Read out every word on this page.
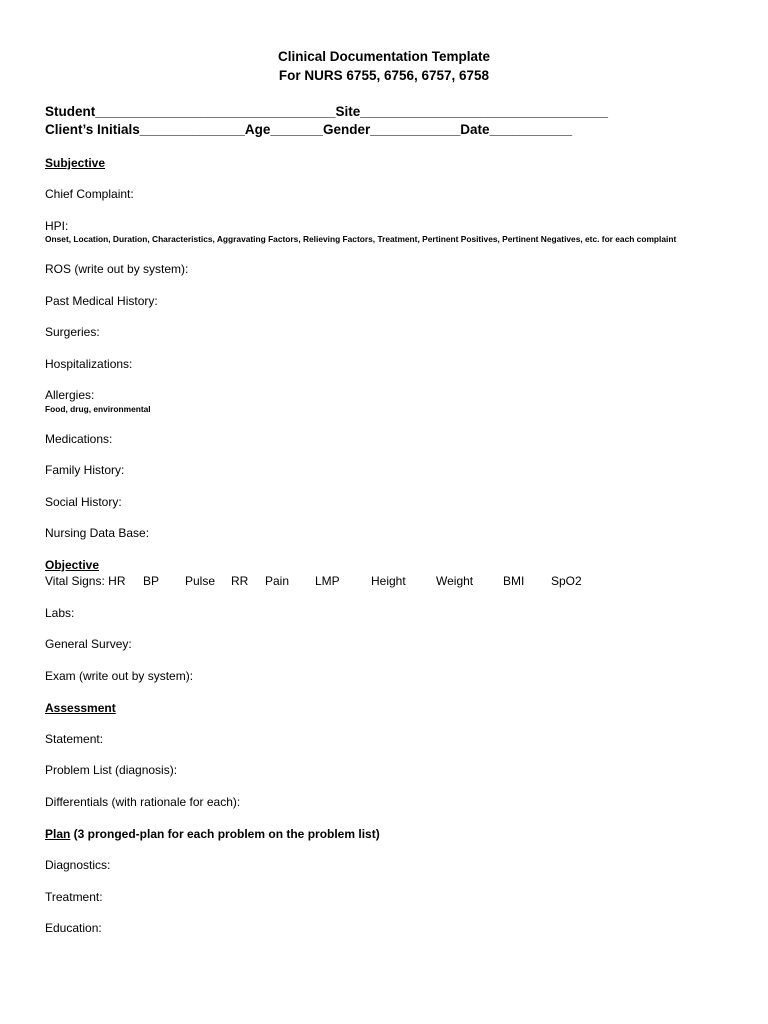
Clinical Documentation Template
For NURS 6755, 6756, 6757, 6758
Student________________________________Site_________________________________
Client’s Initials______________Age_______Gender____________Date___________
Subjective
Chief Complaint:
HPI:
Onset, Location, Duration, Characteristics, Aggravating Factors, Relieving Factors, Treatment, Pertinent Positives, Pertinent Negatives, etc. for each complaint
ROS (write out by system):
Past Medical History:
Surgeries:
Hospitalizations:
Allergies:
Food, drug, environmental
Medications:
Family History:
Social History:
Nursing Data Base:
Objective
Vital Signs: HR BP Pulse RR Pain LMP	Height	Weight BMI SpO2
Labs:
General Survey:
Exam (write out by system):
Assessment
Statement:
Problem List (diagnosis):
Differentials (with rationale for each):
Plan (3 pronged-plan for each problem on the problem list)
Diagnostics:
Treatment:
Education:
